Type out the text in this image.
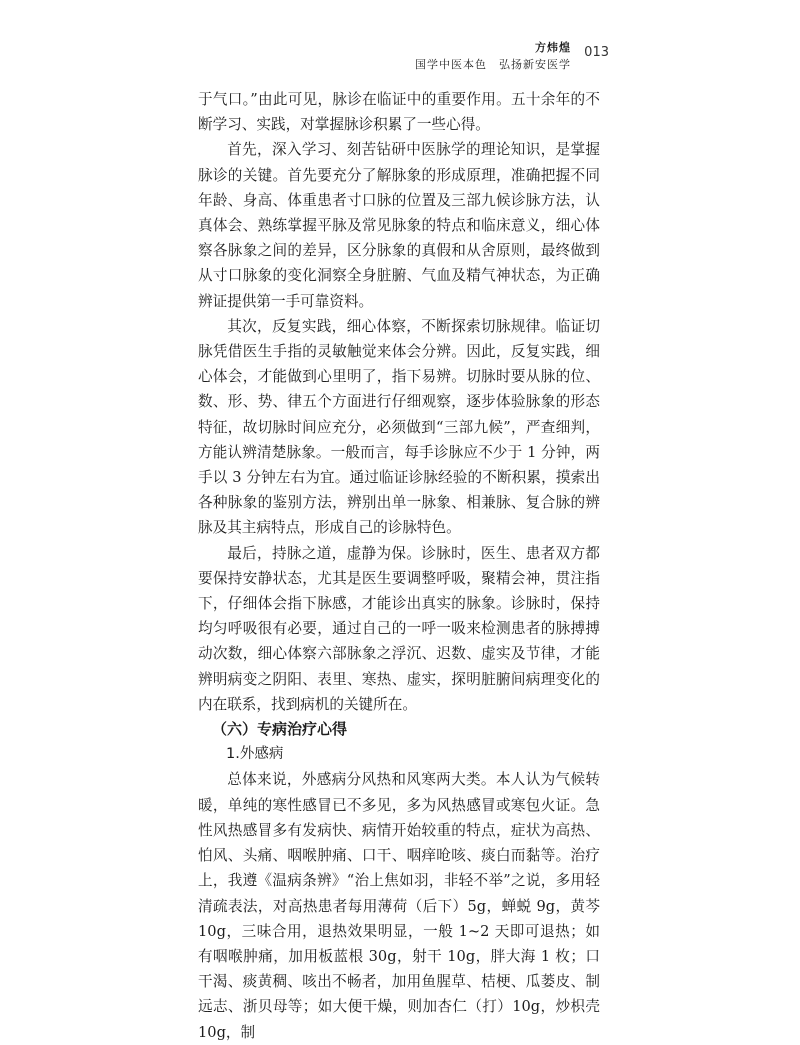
方炜煌
国学中医本色　弘扬新安医学
013

于气口。”由此可见，脉诊在临证中的重要作用。五十余年的不断学习、实践，对掌握脉诊积累了一些心得。

首先，深入学习、刻苦钻研中医脉学的理论知识，是掌握脉诊的关键。首先要充分了解脉象的形成原理，准确把握不同年龄、身高、体重患者寸口脉的位置及三部九候诊脉方法，认真体会、熟练掌握平脉及常见脉象的特点和临床意义，细心体察各脉象之间的差异，区分脉象的真假和从舍原则，最终做到从寸口脉象的变化洞察全身脏腑、气血及精气神状态，为正确辨证提供第一手可靠资料。

其次，反复实践，细心体察，不断探索切脉规律。临证切脉凭借医生手指的灵敏触觉来体会分辨。因此，反复实践，细心体会，才能做到心里明了，指下易辨。切脉时要从脉的位、数、形、势、律五个方面进行仔细观察，逐步体验脉象的形态特征，故切脉时间应充分，必须做到“三部九候”，严查细判，方能认辨清楚脉象。一般而言，每手诊脉应不少于 1 分钟，两手以 3 分钟左右为宜。通过临证诊脉经验的不断积累，摸索出各种脉象的鉴别方法，辨别出单一脉象、相兼脉、复合脉的辨脉及其主病特点，形成自己的诊脉特色。

最后，持脉之道，虚静为保。诊脉时，医生、患者双方都要保持安静状态，尤其是医生要调整呼吸，聚精会神，贯注指下，仔细体会指下脉感，才能诊出真实的脉象。诊脉时，保持均匀呼吸很有必要，通过自己的一呼一吸来检测患者的脉搏搏动次数，细心体察六部脉象之浮沉、迟数、虚实及节律，才能辨明病变之阴阳、表里、寒热、虚实，探明脏腑间病理变化的内在联系，找到病机的关键所在。

（六）专病治疗心得
1.外感病

总体来说，外感病分风热和风寒两大类。本人认为气候转暖，单纯的寒性感冒已不多见，多为风热感冒或寒包火证。急性风热感冒多有发病快、病情开始较重的特点，症状为高热、怕风、头痛、咽喉肿痛、口干、咽痒呛咳、痰白而黏等。治疗上，我遵《温病条辨》“治上焦如羽，非轻不举”之说，多用轻清疏表法，对高热患者每用薄荷（后下）5g，蝉蜕 9g，黄芩 10g，三味合用，退热效果明显，一般 1~2 天即可退热；如有咽喉肿痛，加用板蓝根 30g，射干 10g，胖大海 1 枚；口干渴、痰黄稠、咳出不畅者，加用鱼腥草、桔梗、瓜蒌皮、制远志、浙贝母等；如大便干燥，则加杏仁（打）10g，炒枳壳 10g，制
